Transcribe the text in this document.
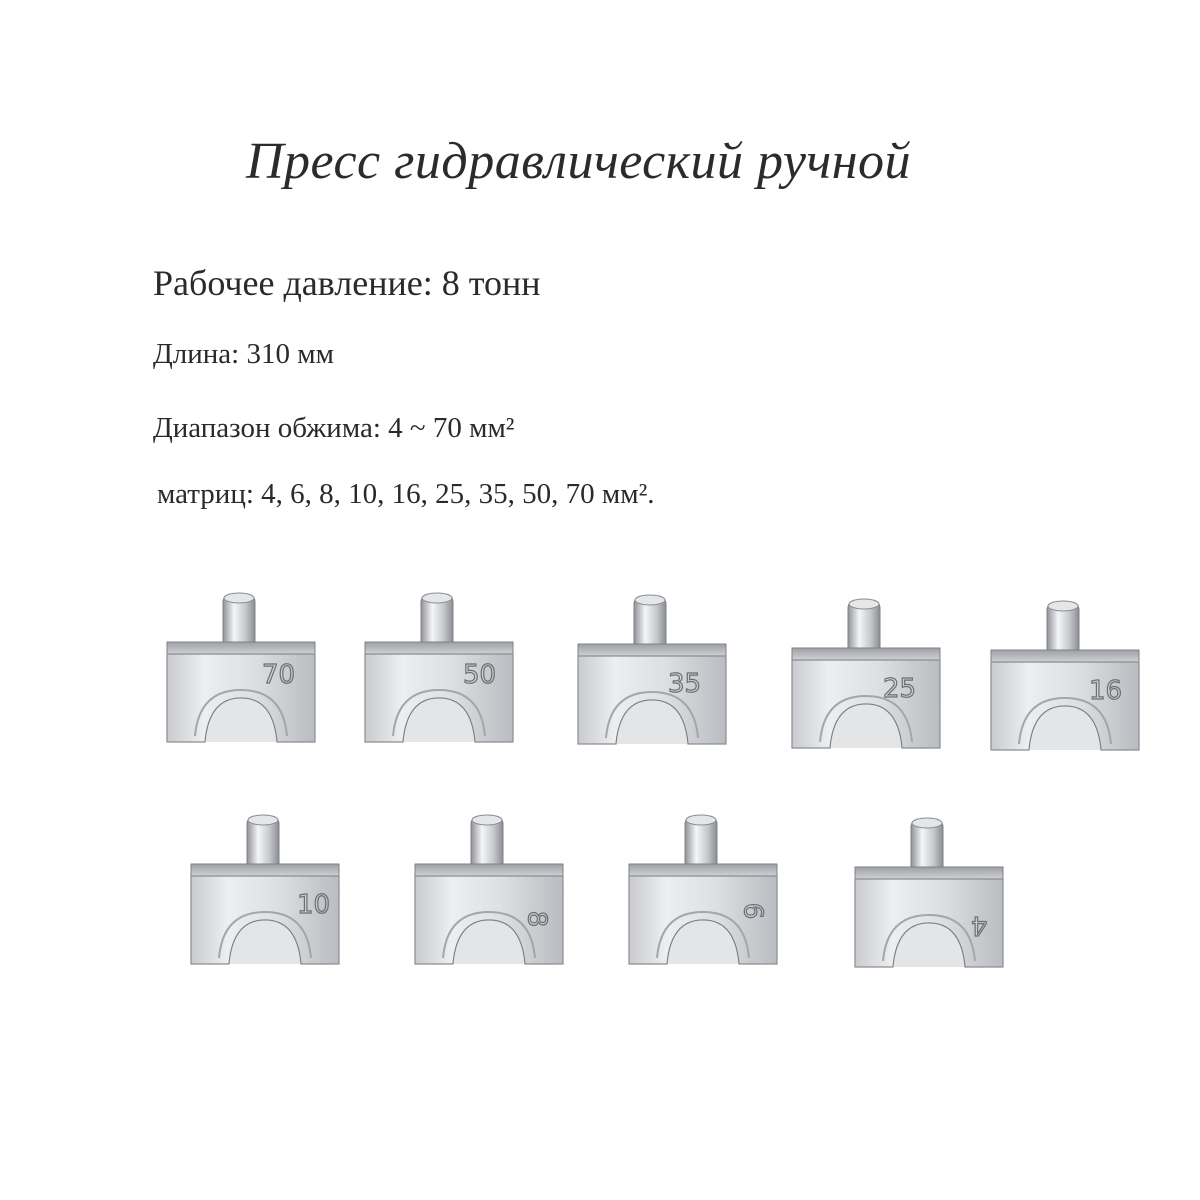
Пресс гидравлический ручной
Рабочее давление: 8 тонн
Длина: 310 мм
Диапазон обжима: 4 ~ 70 мм²
матриц: 4, 6, 8, 10, 16, 25, 35, 50, 70 мм².
70	50	35	25	16
10	8	6	4
